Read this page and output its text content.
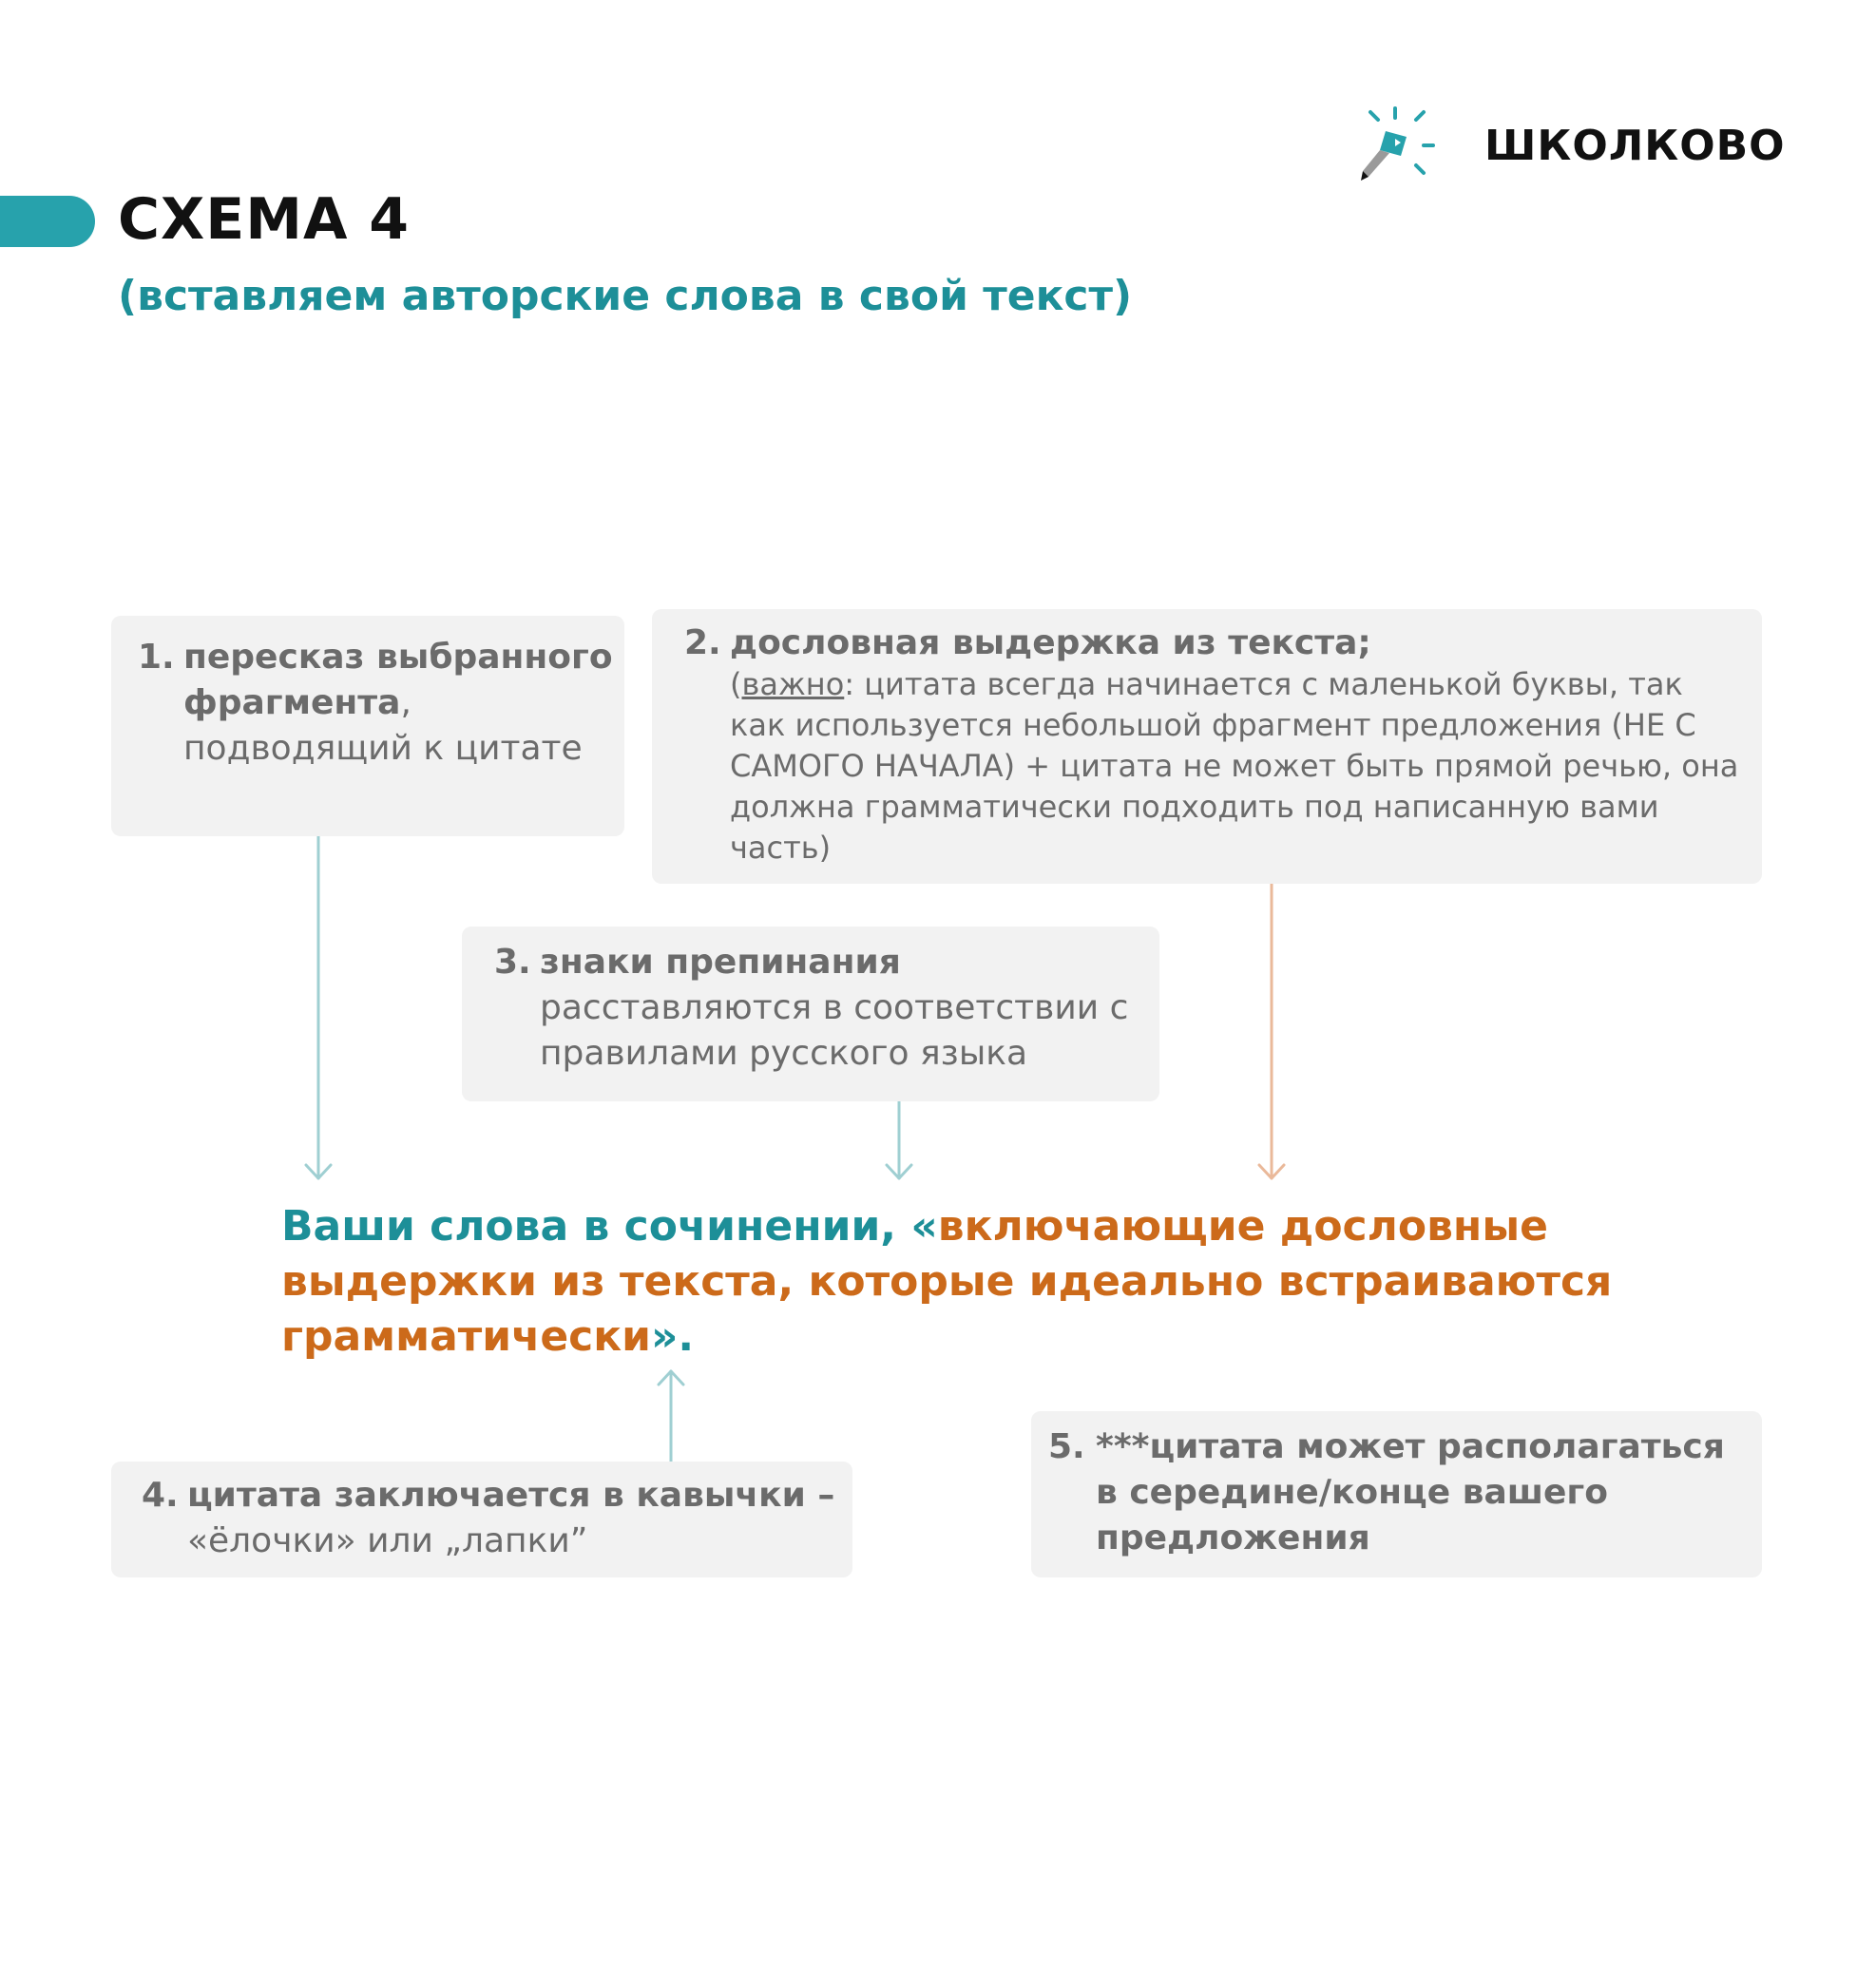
СХЕМА 4
(вставляем авторские слова в свой текст)
ШКОЛКОВО
1. пересказ выбранного фрагмента,
подводящий к цитате
2. дословная выдержка из текста;
(важно: цитата всегда начинается с маленькой буквы, так как используется небольшой фрагмент предложения (НЕ С САМОГО НАЧАЛА) + цитата не может быть прямой речью, она должна грамматически подходить под написанную вами часть)
3. знаки препинания
расставляются в соответствии с правилами русского языка
Ваши слова в сочинении, «включающие дословные выдержки из текста, которые идеально встраиваются грамматически».
4. цитата заключается в кавычки –
«ёлочки» или „лапки”
5. ***цитата может располагаться в середине/конце вашего предложения
